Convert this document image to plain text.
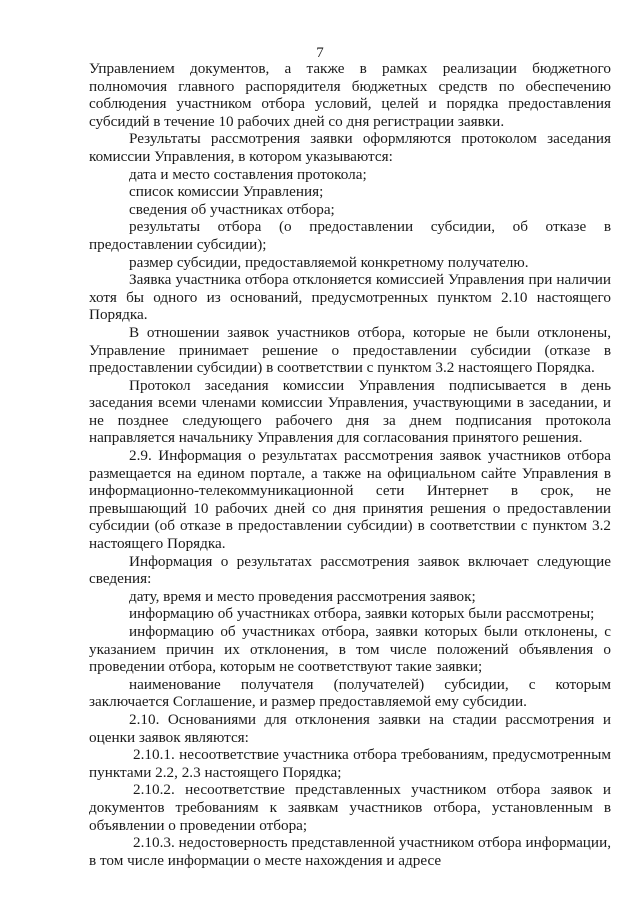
7

Управлением документов, а также в рамках реализации бюджетного полномочия главного распорядителя бюджетных средств по обеспечению соблюдения участником отбора условий, целей и порядка предоставления субсидий в течение 10 рабочих дней со дня регистрации заявки.

Результаты рассмотрения заявки оформляются протоколом заседания комиссии Управления, в котором указываются:

дата и место составления протокола;

список комиссии Управления;

сведения об участниках отбора;

результаты отбора (о предоставлении субсидии, об отказе в предоставлении субсидии);

размер субсидии, предоставляемой конкретному получателю.

Заявка участника отбора отклоняется комиссией Управления при наличии хотя бы одного из оснований, предусмотренных пунктом 2.10 настоящего Порядка.

В отношении заявок участников отбора, которые не были отклонены, Управление принимает решение о предоставлении субсидии (отказе в предоставлении субсидии) в соответствии с пунктом 3.2 настоящего Порядка.

Протокол заседания комиссии Управления подписывается в день заседания всеми членами комиссии Управления, участвующими в заседании, и не позднее следующего рабочего дня за днем подписания протокола направляется начальнику Управления для согласования принятого решения.

2.9. Информация о результатах рассмотрения заявок участников отбора размещается на едином портале, а также на официальном сайте Управления в информационно-телекоммуникационной сети Интернет в срок, не превышающий 10 рабочих дней со дня принятия решения о предоставлении субсидии (об отказе в предоставлении субсидии) в соответствии с пунктом 3.2 настоящего Порядка.

Информация о результатах рассмотрения заявок включает следующие сведения:

дату, время и место проведения рассмотрения заявок;

информацию об участниках отбора, заявки которых были рассмотрены;

информацию об участниках отбора, заявки которых были отклонены, с указанием причин их отклонения, в том числе положений объявления о проведении отбора, которым не соответствуют такие заявки;

наименование получателя (получателей) субсидии, с которым заключается Соглашение, и размер предоставляемой ему субсидии.

2.10. Основаниями для отклонения заявки на стадии рассмотрения и оценки заявок являются:

2.10.1. несоответствие участника отбора требованиям, предусмотренным пунктами 2.2, 2.3 настоящего Порядка;

2.10.2. несоответствие представленных участником отбора заявок и документов требованиям к заявкам участников отбора, установленным в объявлении о проведении отбора;

2.10.3. недостоверность представленной участником отбора информации, в том числе информации о месте нахождения и адресе
